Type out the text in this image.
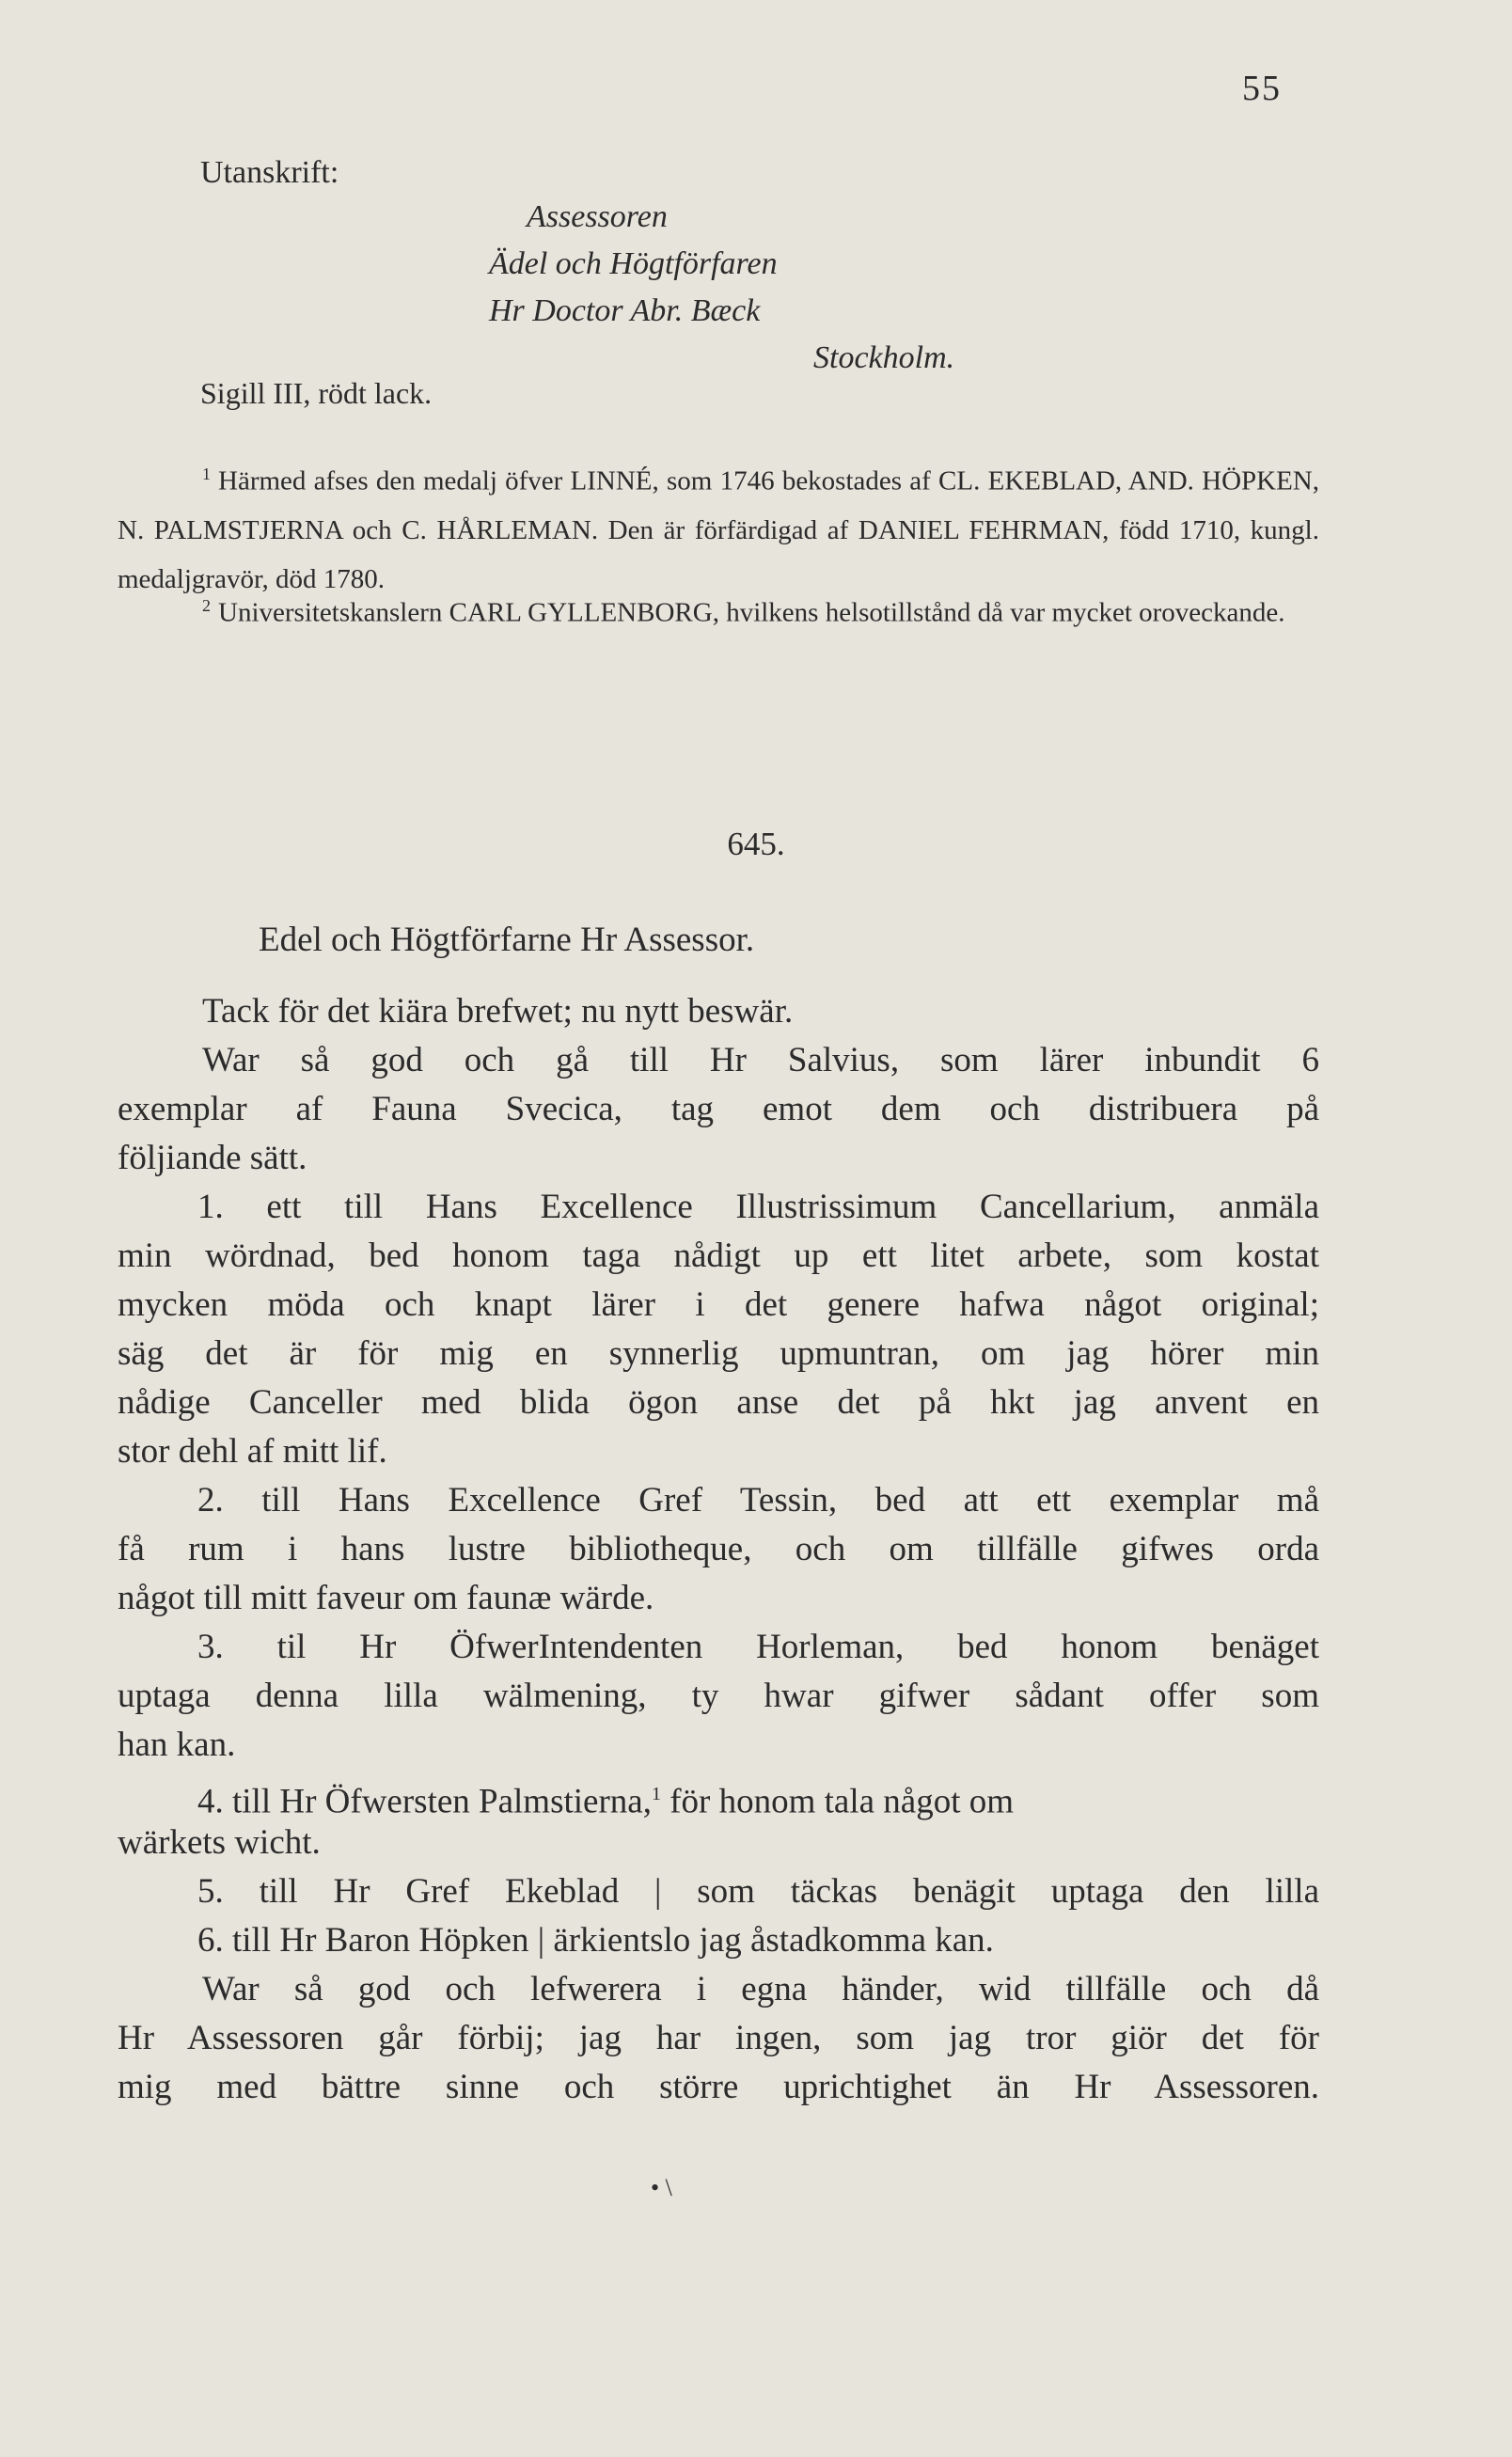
55
Utanskrift:
Assessoren
Ädel och Högtförfaren
Hr Doctor Abr. Bæck
Stockholm.
Sigill III, rödt lack.
$^1$ Härmed afses den medalj öfver LINNÉ, som 1746 bekostades af CL. EKEBLAD, AND. HÖPKEN, N. PALMSTJERNA och C. HÅRLEMAN. Den är förfärdigad af DANIEL FEHRMAN, född 1710, kungl. medaljgravör, död 1780.
$^2$ Universitetskanslern CARL GYLLENBORG, hvilkens helsotillstånd då var mycket oroveckande.
645.
Edel och Högtförfarne Hr Assessor.
Tack för det kiära brefwet; nu nytt beswär.
War så god och gå till Hr Salvius, som lärer inbundit 6
exemplar af Fauna Svecica, tag emot dem och distribuera på
följiande sätt.
1. ett till Hans Excellence Illustrissimum Cancellarium, anmäla
min wördnad, bed honom taga nådigt up ett litet arbete, som kostat
mycken möda och knapt lärer i det genere hafwa något original;
säg det är för mig en synnerlig upmuntran, om jag hörer min
nådige Canceller med blida ögon anse det på hkt jag anvent en
stor dehl af mitt lif.
2. till Hans Excellence Gref Tessin, bed att ett exemplar må
få rum i hans lustre bibliotheque, och om tillfälle gifwes orda
något till mitt faveur om faunæ wärde.
3. til Hr ÖfwerIntendenten Horleman, bed honom benäget
uptaga denna lilla wälmening, ty hwar gifwer sådant offer som
han kan.
4. till Hr Öfwersten Palmstierna,$^1$ för honom tala något om
wärkets wicht.
5. till Hr Gref Ekeblad | som täckas benägit uptaga den lilla
6. till Hr Baron Höpken | ärkientslo jag åstadkomma kan.
War så god och lefwerera i egna händer, wid tillfälle och då
Hr Assessoren går förbij; jag har ingen, som jag tror giör det för
mig med bättre sinne och större uprichtighet än Hr Assessoren.
• \
